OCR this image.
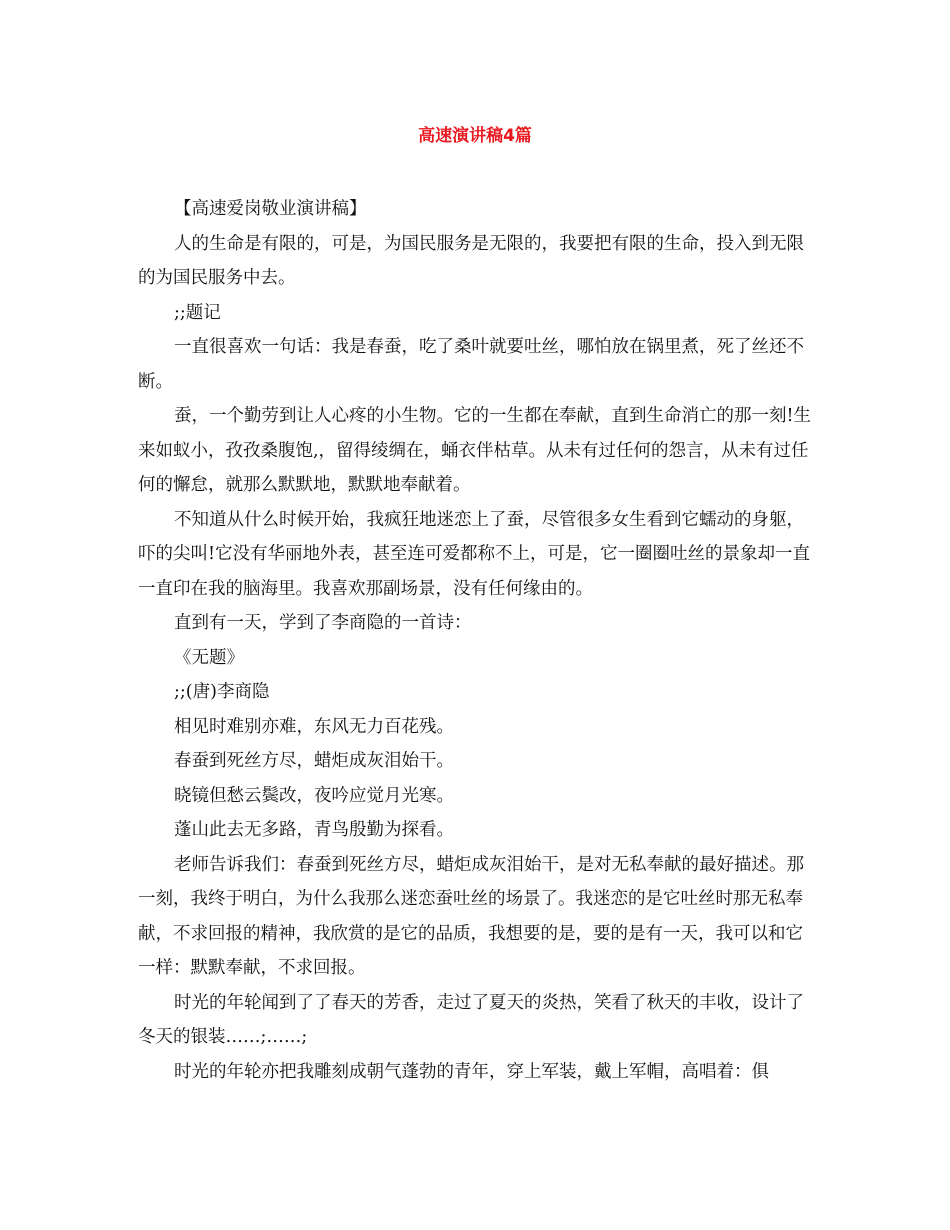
高速演讲稿4篇

【高速爱岗敬业演讲稿】

人的生命是有限的，可是，为国民服务是无限的，我要把有限的生命，投入到无限的为国民服务中去。

;;题记

一直很喜欢一句话：我是春蚕，吃了桑叶就要吐丝，哪怕放在锅里煮，死了丝还不断。

蚕，一个勤劳到让人心疼的小生物。它的一生都在奉献，直到生命消亡的那一刻!生来如蚁小，孜孜桑腹饱,，留得绫绸在，蛹衣伴枯草。从未有过任何的怨言，从未有过任何的懈怠，就那么默默地，默默地奉献着。

不知道从什么时候开始，我疯狂地迷恋上了蚕，尽管很多女生看到它蠕动的身躯，吓的尖叫!它没有华丽地外表，甚至连可爱都称不上，可是，它一圈圈吐丝的景象却一直一直印在我的脑海里。我喜欢那副场景，没有任何缘由的。

直到有一天，学到了李商隐的一首诗：

《无题》

;;(唐)李商隐

相见时难别亦难，东风无力百花残。

春蚕到死丝方尽，蜡炬成灰泪始干。

晓镜但愁云鬓改，夜吟应觉月光寒。

蓬山此去无多路，青鸟殷勤为探看。

老师告诉我们：春蚕到死丝方尽，蜡炬成灰泪始干，是对无私奉献的最好描述。那一刻，我终于明白，为什么我那么迷恋蚕吐丝的场景了。我迷恋的是它吐丝时那无私奉献，不求回报的精神，我欣赏的是它的品质，我想要的是，要的是有一天，我可以和它一样：默默奉献，不求回报。

时光的年轮闻到了了春天的芳香，走过了夏天的炎热，笑看了秋天的丰收，设计了冬天的银装……;……;

时光的年轮亦把我雕刻成朝气蓬勃的青年，穿上军装，戴上军帽，高唱着：俱
